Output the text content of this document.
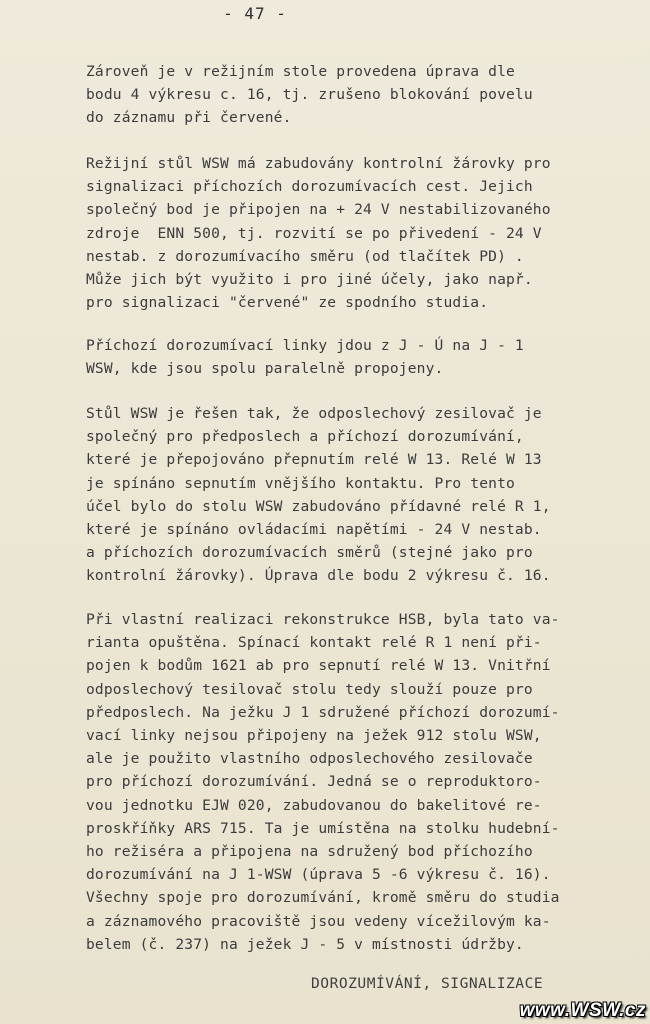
- 47 -
Zároveň je v režijním stole provedena úprava dle
bodu 4 výkresu c. 16, tj. zrušeno blokování povelu
do záznamu při červené.
Režijní stůl WSW má zabudovány kontrolní žárovky pro
signalizaci příchozích dorozumívacích cest. Jejich
společný bod je připojen na + 24 V nestabilizovaného
zdroje  ENN 500, tj. rozvití se po přivedení - 24 V
nestab. z dorozumívacího směru (od tlačítek PD) .
Může jich být využito i pro jiné účely, jako např.
pro signalizaci "červené" ze spodního studia.
Příchozí dorozumívací linky jdou z J - Ú na J - 1
WSW, kde jsou spolu paralelně propojeny.
Stůl WSW je řešen tak, že odposlechový zesilovač je
společný pro předposlech a příchozí dorozumívání,
které je přepojováno přepnutím relé W 13. Relé W 13
je spínáno sepnutím vnějšího kontaktu. Pro tento
účel bylo do stolu WSW zabudováno přídavné relé R 1,
které je spínáno ovládacími napětími - 24 V nestab.
a příchozích dorozumívacích směrů (stejné jako pro
kontrolní žárovky). Úprava dle bodu 2 výkresu č. 16.
Při vlastní realizaci rekonstrukce HSB, byla tato va-
rianta opuštěna. Spínací kontakt relé R 1 není při-
pojen k bodům 1621 ab pro sepnutí relé W 13. Vnitřní
odposlechový tesilovač stolu tedy slouží pouze pro
předposlech. Na ježku J 1 sdružené příchozí dorozumí-
vací linky nejsou připojeny na ježek 912 stolu WSW,
ale je použito vlastního odposlechového zesilovače
pro příchozí dorozumívání. Jedná se o reproduktoro-
vou jednotku EJW 020, zabudovanou do bakelitové re-
proskříňky ARS 715. Ta je umístěna na stolku hudební-
ho režiséra a připojena na sdružený bod příchozího
dorozumívání na J 1-WSW (úprava 5 -6 výkresu č. 16).
Všechny spoje pro dorozumívání, kromě směru do studia
a záznamového pracoviště jsou vedeny vícežilovým ka-
belem (č. 237) na ježek J - 5 v místnosti údržby.
DOROZUMÍVÁNÍ, SIGNALIZACE
www.WSW.cz
